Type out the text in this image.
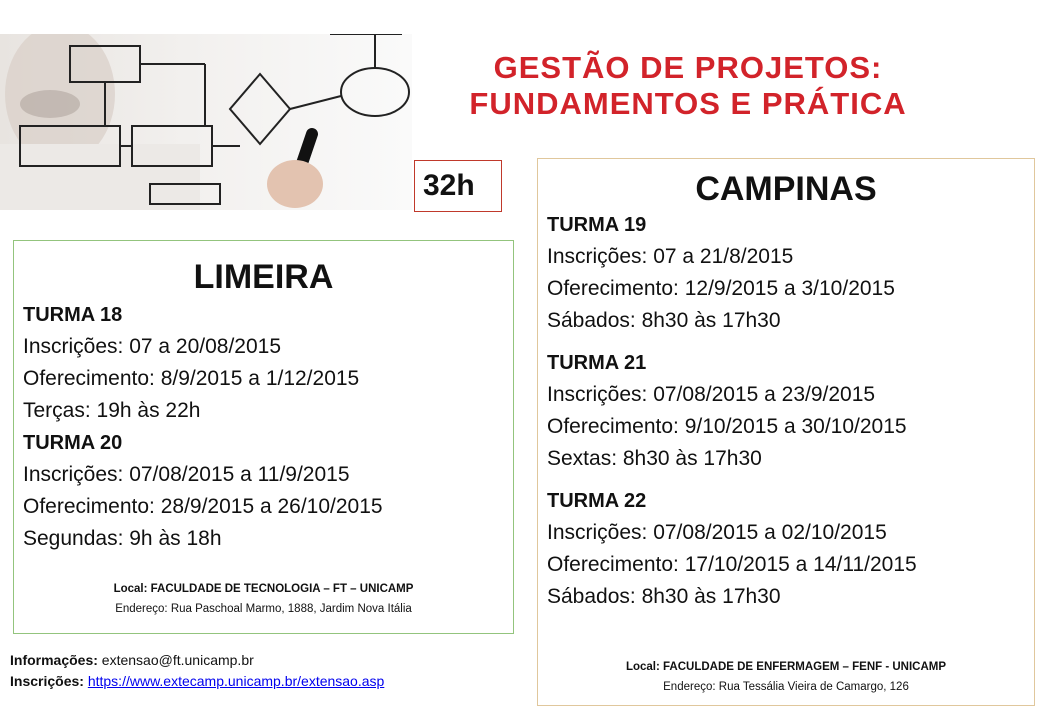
GESTÃO DE PROJETOS:
FUNDAMENTOS E PRÁTICA
32h
LIMEIRA
TURMA 18
Inscrições: 07 a 20/08/2015
Oferecimento: 8/9/2015 a 1/12/2015
Terças: 19h às 22h
TURMA 20
Inscrições: 07/08/2015 a 11/9/2015
Oferecimento: 28/9/2015 a 26/10/2015
Segundas: 9h às 18h
Local: FACULDADE DE TECNOLOGIA – FT – UNICAMP
Endereço: Rua Paschoal Marmo, 1888, Jardim Nova Itália
CAMPINAS
TURMA 19
Inscrições: 07 a 21/8/2015
Oferecimento: 12/9/2015 a 3/10/2015
Sábados: 8h30 às 17h30
TURMA 21
Inscrições: 07/08/2015 a 23/9/2015
Oferecimento: 9/10/2015 a 30/10/2015
Sextas: 8h30 às 17h30
TURMA 22
Inscrições: 07/08/2015 a 02/10/2015
Oferecimento: 17/10/2015 a 14/11/2015
Sábados: 8h30 às 17h30
Local: FACULDADE DE ENFERMAGEM – FENF - UNICAMP
Endereço: Rua Tessália Vieira de Camargo, 126
Informações: extensao@ft.unicamp.br
Inscrições: https://www.extecamp.unicamp.br/extensao.asp
